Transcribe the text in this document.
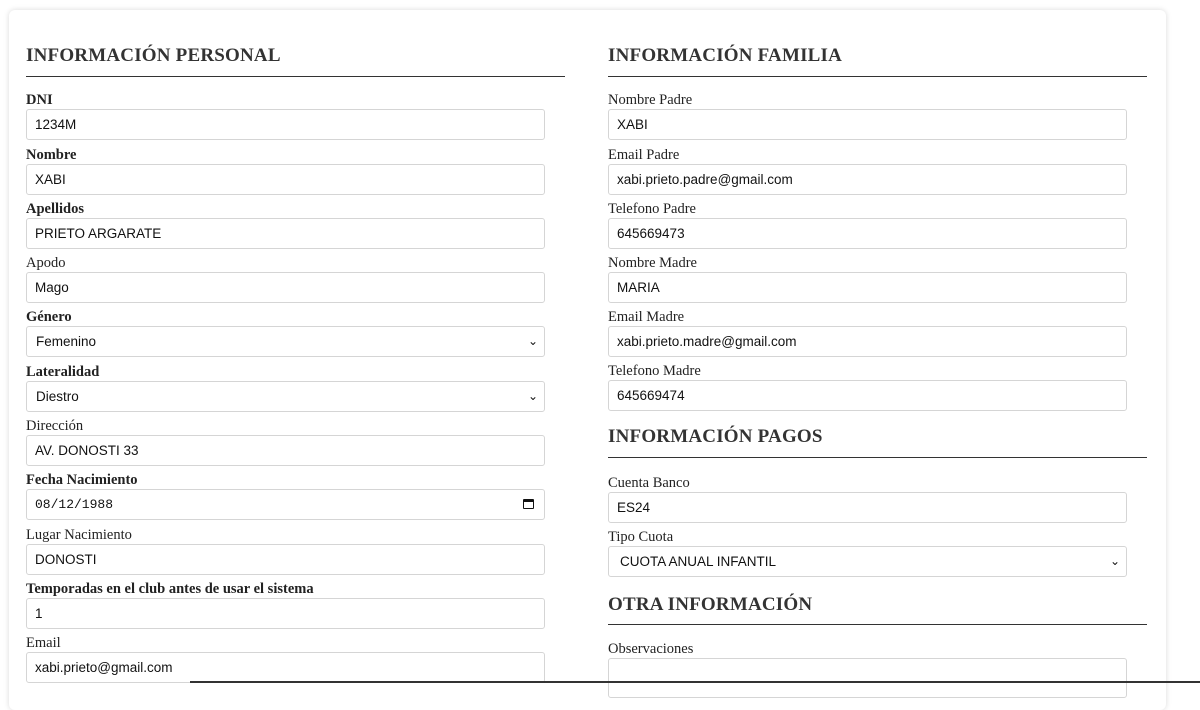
INFORMACIÓN PERSONAL
DNI
1234M
Nombre
XABI
Apellidos
PRIETO ARGARATE
Apodo
Mago
Género
Femenino	⌄
Lateralidad
Diestro	⌄
Dirección
AV. DONOSTI 33
Fecha Nacimiento
08/12/1988
Lugar Nacimiento
DONOSTI
Temporadas en el club antes de usar el sistema
1
Email
xabi.prieto@gmail.com
INFORMACIÓN FAMILIA
Nombre Padre
XABI
Email Padre
xabi.prieto.padre@gmail.com
Telefono Padre
645669473
Nombre Madre
MARIA
Email Madre
xabi.prieto.madre@gmail.com
Telefono Madre
645669474
INFORMACIÓN PAGOS
Cuenta Banco
ES24
Tipo Cuota
CUOTA ANUAL INFANTIL	⌄
OTRA INFORMACIÓN
Observaciones
